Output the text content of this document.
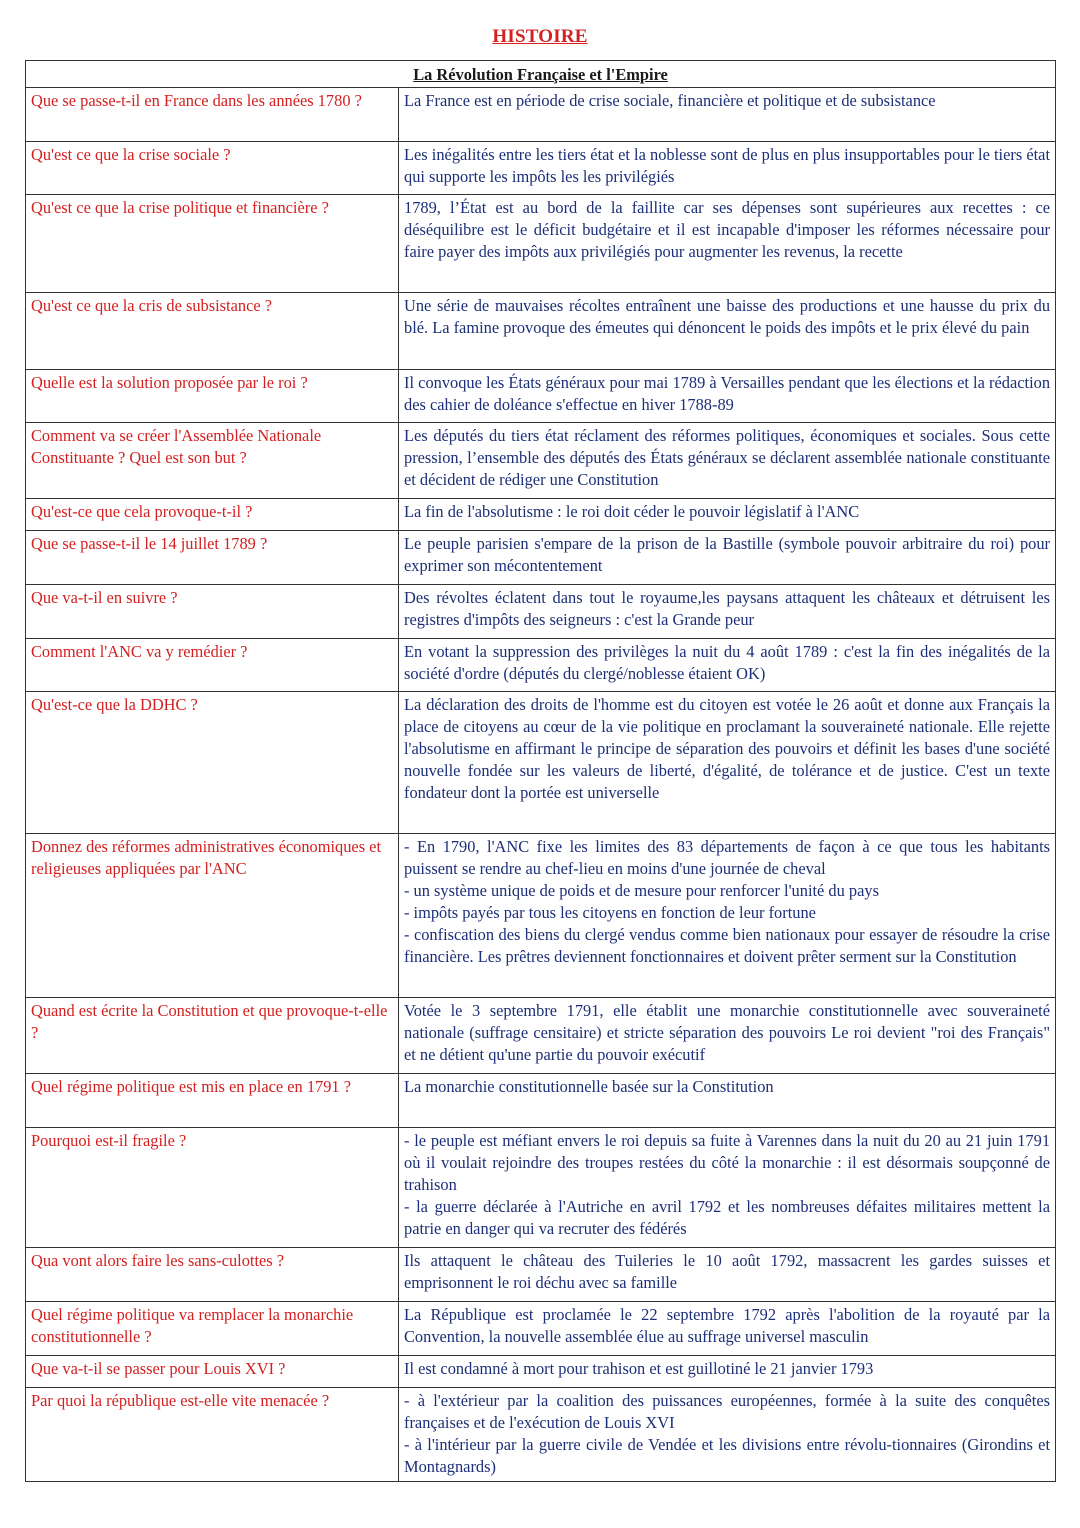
HISTOIRE
La Révolution Française et l'Empire	
Que se passe-t-il en France dans les années 1780 ?	La France est en période de crise sociale, financière et politique et de subsistance

Qu'est ce que la crise sociale ?	Les inégalités entre les tiers état et la noblesse sont de plus en plus insupportables pour le tiers état qui supporte les impôts les les privilégiés

Qu'est ce que la crise politique et financière ?	1789, l’État est au bord de la faillite car ses dépenses sont supérieures aux recettes : ce déséquilibre est le déficit budgétaire et il est incapable d'imposer les réformes nécessaire pour faire payer des impôts aux privilégiés pour augmenter les revenus, la recette

Qu'est ce que la cris de subsistance ?	Une série de mauvaises récoltes entraînent une baisse des productions et une hausse du prix du blé. La famine provoque des émeutes qui dénoncent le poids des impôts et le prix élevé du pain

Quelle est la solution proposée par le roi ?	Il convoque les États généraux pour mai 1789 à Versailles pendant que les élections et la rédaction des cahier de doléance s'effectue en hiver 1788-89

Comment va se créer l'Assemblée Nationale Constituante ? Quel est son but ?	Les députés du tiers état réclament des réformes politiques, économiques et sociales. Sous cette pression, l’ensemble des députés des États généraux se déclarent assemblée nationale constituante et décident de rédiger une Constitution

Qu'est-ce que cela provoque-t-il ?	La fin de l'absolutisme : le roi doit céder le pouvoir législatif à l'ANC

Que se passe-t-il le 14 juillet 1789 ?	Le peuple parisien s'empare de la prison de la Bastille (symbole pouvoir arbitraire du roi) pour exprimer son mécontentement

Que va-t-il en suivre ?	Des révoltes éclatent dans tout le royaume,les paysans attaquent les châteaux et détruisent les registres d'impôts des seigneurs : c'est la Grande peur

Comment l'ANC va y remédier ?	En votant la suppression des privilèges la nuit du 4 août 1789 : c'est la fin des inégalités de la société d'ordre (députés du clergé/noblesse étaient OK)

Qu'est-ce que la DDHC ?	La déclaration des droits de l'homme est du citoyen est votée le 26 août et donne aux Français la place de citoyens au cœur de la vie politique en proclamant la souveraineté nationale. Elle rejette l'absolutisme en affirmant le principe de séparation des pouvoirs et définit les bases d'une société nouvelle fondée sur les valeurs de liberté, d'égalité, de tolérance et de justice. C'est un texte fondateur dont la portée est universelle

Donnez des réformes administratives économiques et religieuses appliquées par l'ANC	- En 1790, l'ANC fixe les limites des 83 départements de façon à ce que tous les habitants puissent se rendre au chef-lieu en moins d'une journée de cheval
- un système unique de poids et de mesure pour renforcer l'unité du pays
- impôts payés par tous les citoyens en fonction de leur fortune
- confiscation des biens du clergé vendus comme bien nationaux pour essayer de résoudre la crise financière. Les prêtres deviennent fonctionnaires et doivent prêter serment sur la Constitution

Quand est écrite la Constitution et que provoque-t-elle ?	Votée le 3 septembre 1791, elle établit une monarchie constitutionnelle avec souveraineté nationale (suffrage censitaire) et stricte séparation des pouvoirs Le roi devient "roi des Français" et ne détient qu'une partie du pouvoir exécutif

Quel régime politique est mis en place en 1791 ?	La monarchie constitutionnelle basée sur la Constitution

Pourquoi est-il fragile ?	- le peuple est méfiant envers le roi depuis sa fuite à Varennes dans la nuit du 20 au 21 juin 1791 où il voulait rejoindre des troupes restées du côté la monarchie : il est désormais soupçonné de trahison
- la guerre déclarée à l'Autriche en avril 1792 et les nombreuses défaites militaires mettent la patrie en danger qui va recruter des fédérés

Qua vont alors faire les sans-culottes ?	Ils attaquent le château des Tuileries le 10 août 1792, massacrent les gardes suisses et emprisonnent le roi déchu avec sa famille

Quel régime politique va remplacer la monarchie constitutionnelle ?	La République est proclamée le 22 septembre 1792 après l'abolition de la royauté par la Convention, la nouvelle assemblée élue au suffrage universel masculin

Que va-t-il se passer pour Louis XVI ?	Il est condamné à mort pour trahison et est guillotiné le 21 janvier 1793

Par quoi la république est-elle vite menacée ?	- à l'extérieur par la coalition des puissances européennes, formée à la suite des conquêtes françaises et de l'exécution de Louis XVI
- à l'intérieur par la guerre civile de Vendée et les divisions entre révolu-tionnaires (Girondins et Montagnards)
